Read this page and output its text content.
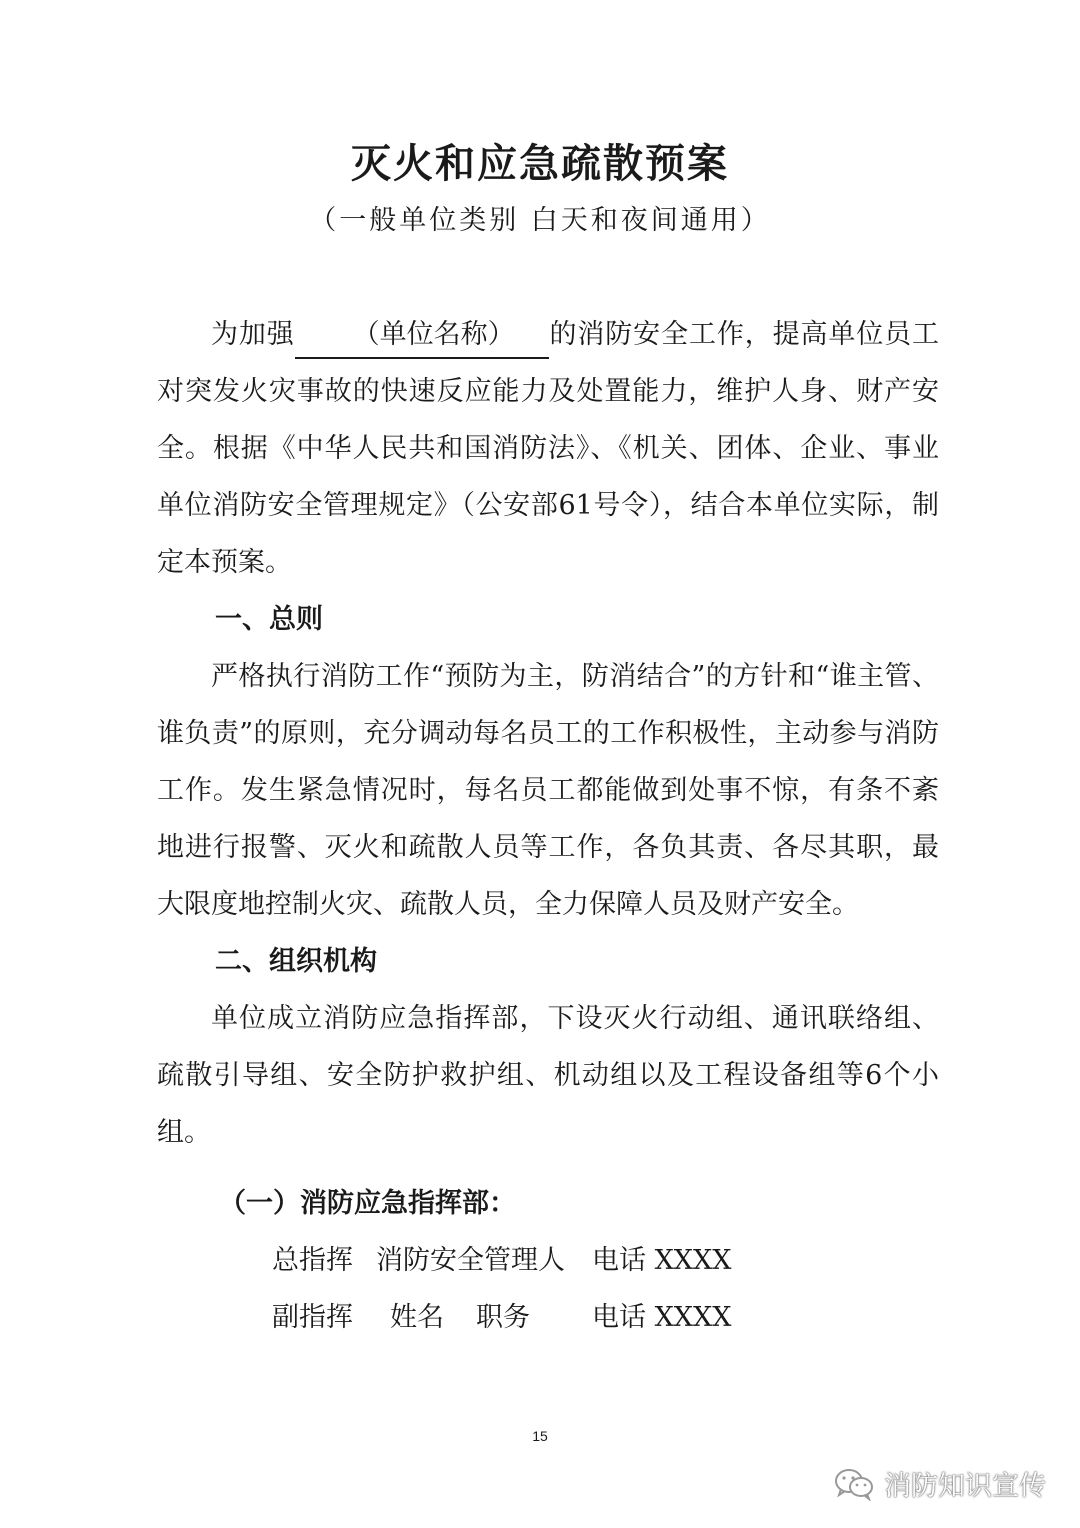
灭火和应急疏散预案
（一般单位类别 白天和夜间通用）

为加强 （单位名称） 的消防安全工作，提高单位员工对突发火灾事故的快速反应能力及处置能力，维护人身、财产安全。根据《中华人民共和国消防法》、《机关、团体、企业、事业单位消防安全管理规定》（公安部61号令），结合本单位实际，制定本预案。

一、总则

严格执行消防工作“预防为主，防消结合”的方针和“谁主管、谁负责”的原则，充分调动每名员工的工作积极性，主动参与消防工作。发生紧急情况时，每名员工都能做到处事不惊，有条不紊地进行报警、灭火和疏散人员等工作，各负其责、各尽其职，最大限度地控制火灾、疏散人员，全力保障人员及财产安全。

二、组织机构

单位成立消防应急指挥部，下设灭火行动组、通讯联络组、疏散引导组、安全防护救护组、机动组以及工程设备组等6个小组。

（一）消防应急指挥部：

总指挥 消防安全管理人 电话 XXXX

副指挥 姓名 职务 电话 XXXX

15
消防知识宣传
